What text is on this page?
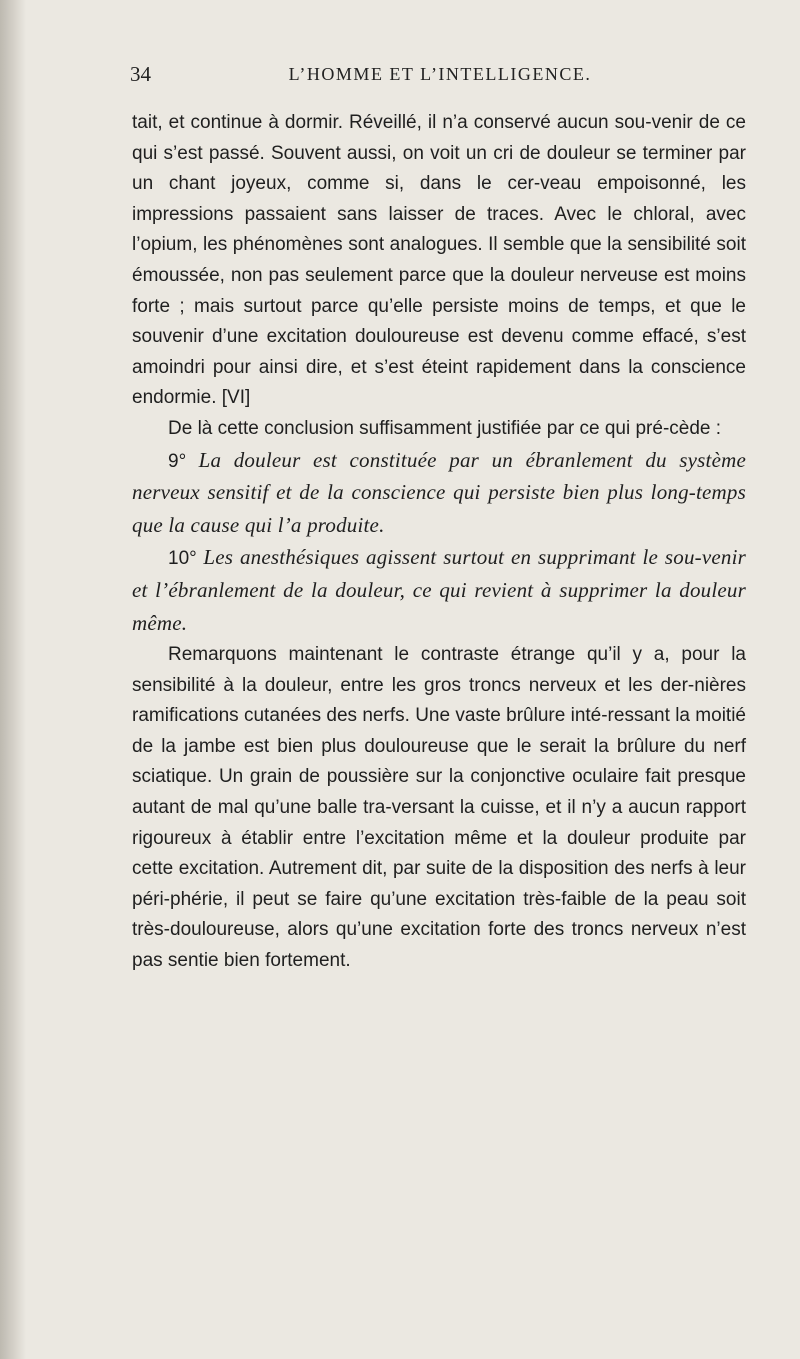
34	L’HOMME ET L’INTELLIGENCE.

tait, et continue à dormir. Réveillé, il n’a conservé aucun sou-venir de ce qui s’est passé. Souvent aussi, on voit un cri de douleur se terminer par un chant joyeux, comme si, dans le cer-veau empoisonné, les impressions passaient sans laisser de traces. Avec le chloral, avec l’opium, les phénomènes sont analogues. Il semble que la sensibilité soit émoussée, non pas seulement parce que la douleur nerveuse est moins forte ; mais surtout parce qu’elle persiste moins de temps, et que le souvenir d’une excitation douloureuse est devenu comme effacé, s’est amoindri pour ainsi dire, et s’est éteint rapidement dans la conscience endormie. [VI]

De là cette conclusion suffisamment justifiée par ce qui pré-cède :

9° La douleur est constituée par un ébranlement du système nerveux sensitif et de la conscience qui persiste bien plus long-temps que la cause qui l’a produite.

10° Les anesthésiques agissent surtout en supprimant le sou-venir et l’ébranlement de la douleur, ce qui revient à supprimer la douleur même.

Remarquons maintenant le contraste étrange qu’il y a, pour la sensibilité à la douleur, entre les gros troncs nerveux et les der-nières ramifications cutanées des nerfs. Une vaste brûlure inté-ressant la moitié de la jambe est bien plus douloureuse que le serait la brûlure du nerf sciatique. Un grain de poussière sur la conjonctive oculaire fait presque autant de mal qu’une balle tra-versant la cuisse, et il n’y a aucun rapport rigoureux à établir entre l’excitation même et la douleur produite par cette excitation. Autrement dit, par suite de la disposition des nerfs à leur péri-phérie, il peut se faire qu’une excitation très-faible de la peau soit très-douloureuse, alors qu’une excitation forte des troncs nerveux n’est pas sentie bien fortement.
